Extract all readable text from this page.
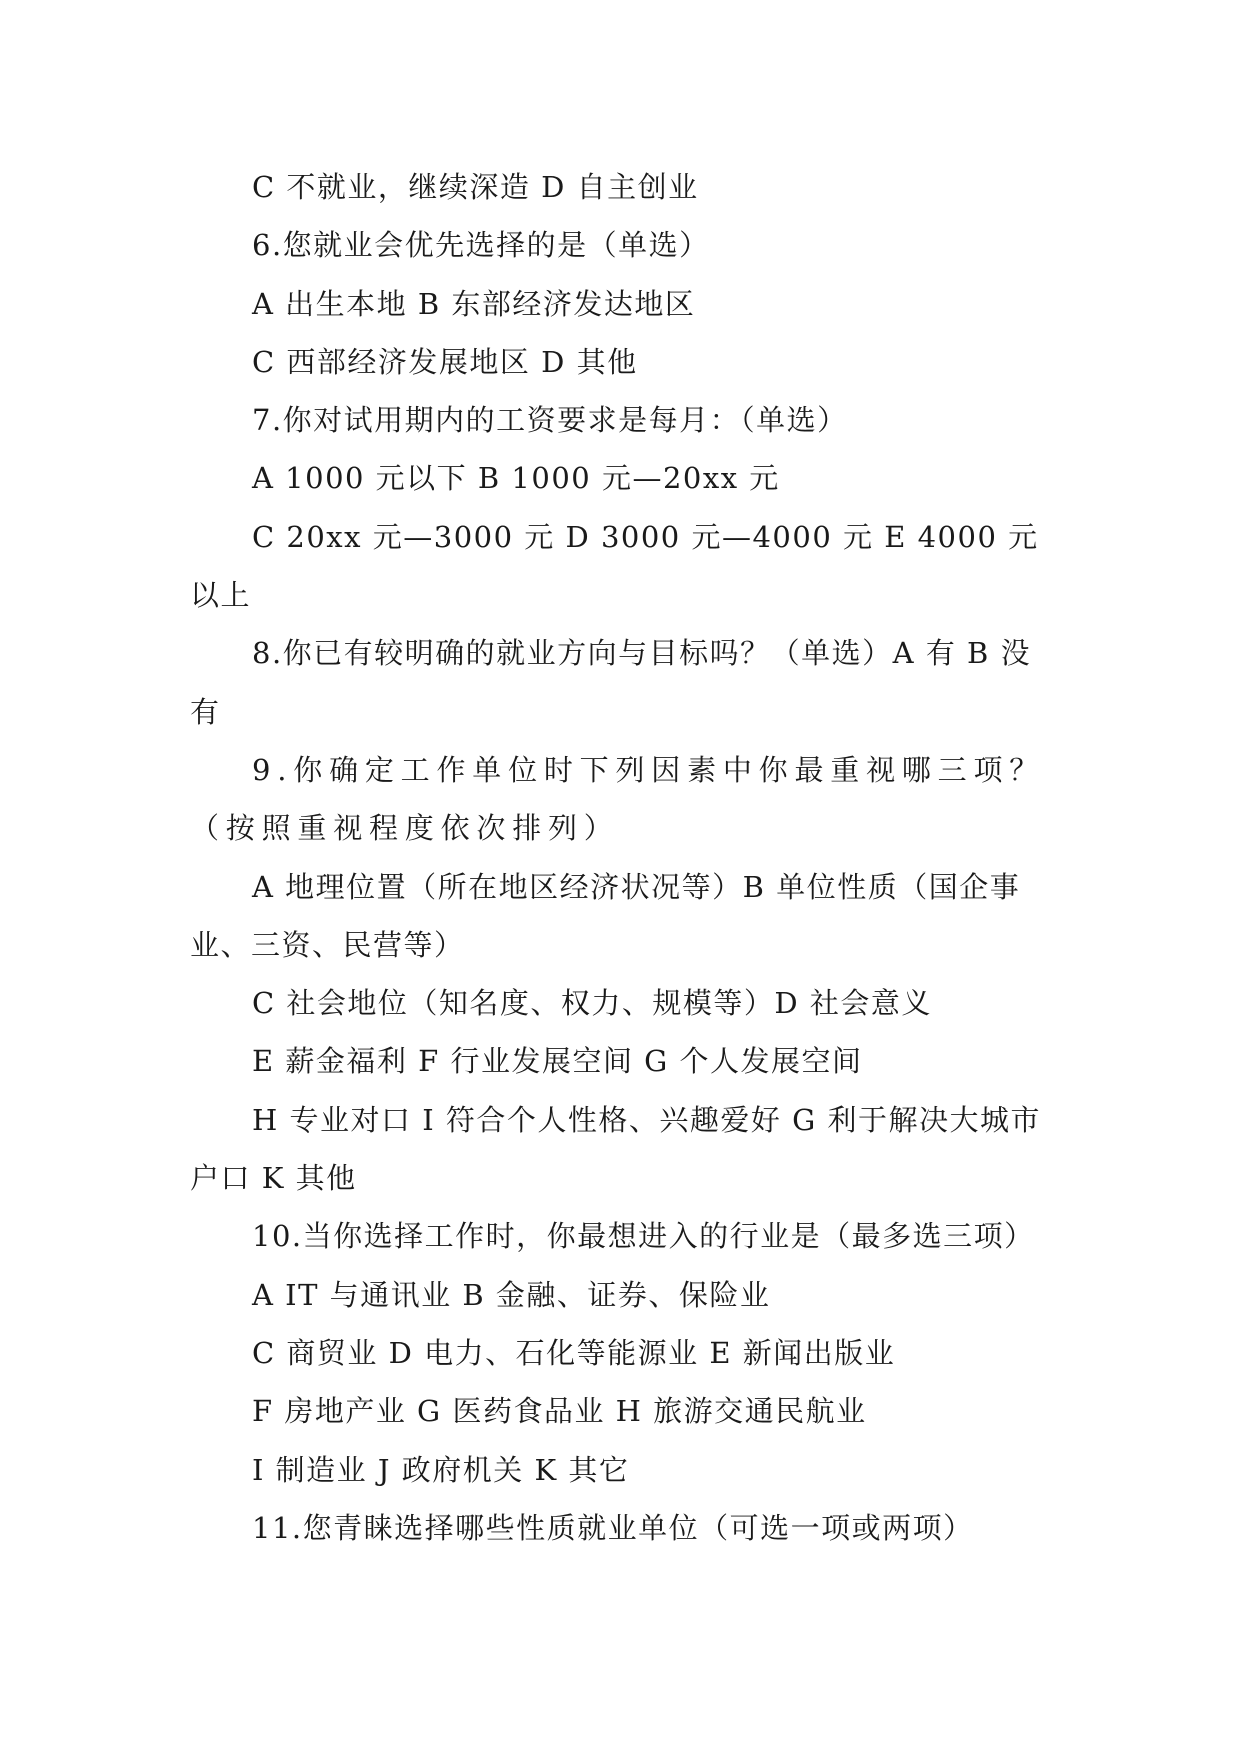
C 不就业，继续深造 D 自主创业

6.您就业会优先选择的是（单选）

A 出生本地 B 东部经济发达地区

C 西部经济发展地区 D 其他

7.你对试用期内的工资要求是每月：（单选）

A 1000 元以下 B 1000 元—20xx 元

C 20xx 元—3000 元 D 3000 元—4000 元 E 4000 元以上

8.你已有较明确的就业方向与目标吗？（单选）A 有 B 没有

9.你确定工作单位时下列因素中你最重视哪三项？（按照重视程度依次排列）

A 地理位置（所在地区经济状况等）B 单位性质（国企事业、三资、民营等）

C 社会地位（知名度、权力、规模等）D 社会意义

E 薪金福利 F 行业发展空间 G 个人发展空间

H 专业对口 I 符合个人性格、兴趣爱好 G 利于解决大城市户口 K 其他

10.当你选择工作时，你最想进入的行业是（最多选三项）

A IT 与通讯业 B 金融、证券、保险业

C 商贸业 D 电力、石化等能源业 E 新闻出版业

F 房地产业 G 医药食品业 H 旅游交通民航业

I 制造业 J 政府机关 K 其它

11.您青睐选择哪些性质就业单位（可选一项或两项）
